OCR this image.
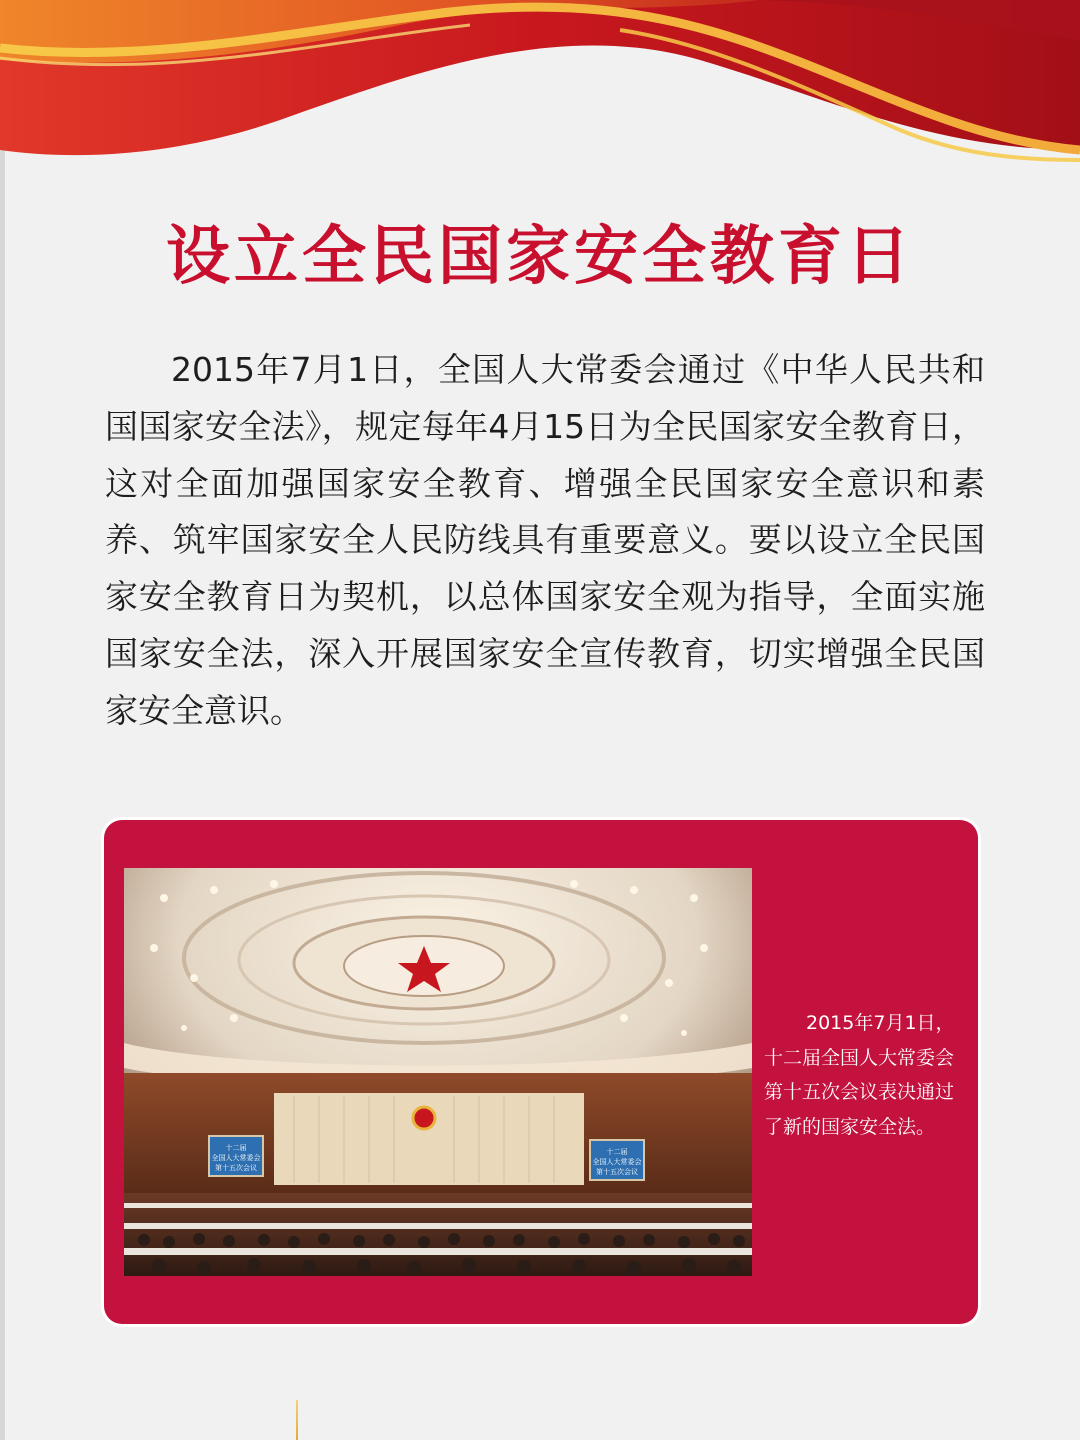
设立全民国家安全教育日

2015年7月1日，全国人大常委会通过《中华人民共和国国家安全法》，规定每年4月15日为全民国家安全教育日，这对全面加强国家安全教育、增强全民国家安全意识和素养、筑牢国家安全人民防线具有重要意义。要以设立全民国家安全教育日为契机，以总体国家安全观为指导，全面实施国家安全法，深入开展国家安全宣传教育，切实增强全民国家安全意识。

十二届
全国人大常委会
第十五次会议
十二届
全国人大常委会
第十五次会议
2015年7月1日，
十二届全国人大常委会
第十五次会议表决通过
了新的国家安全法。
